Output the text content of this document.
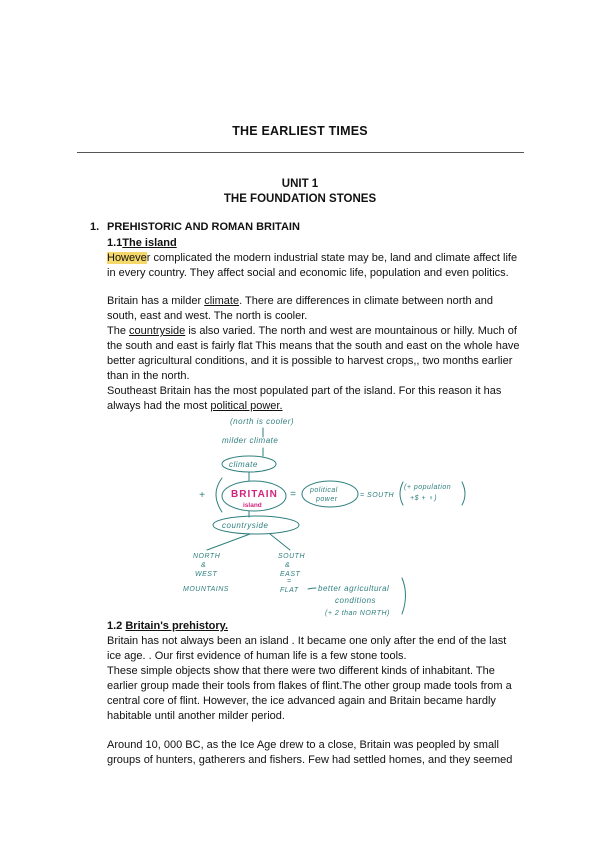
THE EARLIEST TIMES
UNIT 1
THE FOUNDATION STONES
1. PREHISTORIC AND ROMAN BRITAIN
1.1The island
However complicated the modern industrial state may be, land and climate affect life
in every country. They affect social and economic life, population and even politics.
Britain has a milder climate. There are differences in climate between north and
south, east and west. The north is cooler.
The countryside is also varied. The north and west are mountainous or hilly. Much of
the south and east is fairly flat This means that the south and east on the whole have
better agricultural conditions, and it is possible to harvest crops,, two months earlier
than in the north.
Southeast Britain has the most populated part of the island. For this reason it has
always had the most political power.
(north is cooler)
milder climate
climate
+	= political
power
= SOUTH
(+ population
+$ + ♀)
countryside
NORTH
&
WEST
MOUNTAINS
SOUTH
&
EAST
=
FLAT better agricultural
conditions
(+ 2 than NORTH)
BRITAIN
island
1.2 Britain's prehistory.
Britain has not always been an island . It became one only after the end of the last
ice age. . Our first evidence of human life is a few stone tools.
These simple objects show that there were two different kinds of inhabitant. The
earlier group made their tools from flakes of flint.The other group made tools from a
central core of flint. However, the ice advanced again and Britain became hardly
habitable until another milder period.
Around 10, 000 BC, as the Ice Age drew to a close, Britain was peopled by small
groups of hunters, gatherers and fishers. Few had settled homes, and they seemed
